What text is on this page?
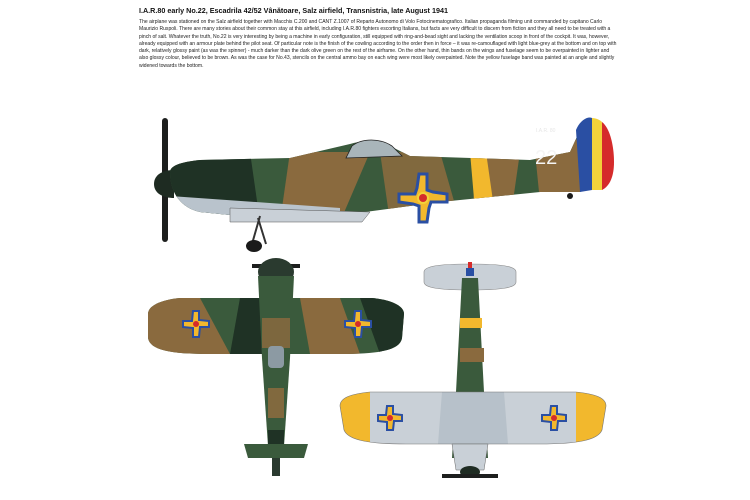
I.A.R.80 early No.22, Escadrila 42/52 Vânătoare, Salz airfield, Transnistria, late August 1941
The airplane was stationed on the Salz airfield together with Macchis C.200 and CANT Z.1007 of Reparto Autonomo di Volo Fotocinematografico. Italian propaganda filming unit commanded by capitano Carlo Maurizio Ruspoli. There are many stories about their common stay at this airfield, including I.A.R.80 fighters escorting Italians, but facts are very difficult to discern from fiction and they all need to be treated with a pinch of salt. Whatever the truth, No.22 is very interesting by being a machine in early configuration, still equipped with ring-and-bead sight and lacking the ventilation scoop in front of the cockpit. It was, however, already equipped with an armour plate behind the pilot seat. Of particular note is the finish of the cowling according to the order then in force – it was re-camouflaged with light blue-grey at the bottom and on top with dark, relatively glossy paint (as was the spinner) - much darker than the dark olive green on the rest of the airframe. On the other hand, thin bands on the wings and fuselage seem to be overpainted in lighter and also glossy colour, believed to be brown. As was the case for No.43, stencils on the central ammo bay on each wing were most likely overpainted. Note the yellow fuselage band was painted at an angle and slightly widened towards the bottom.
22
I.A.R. 80
